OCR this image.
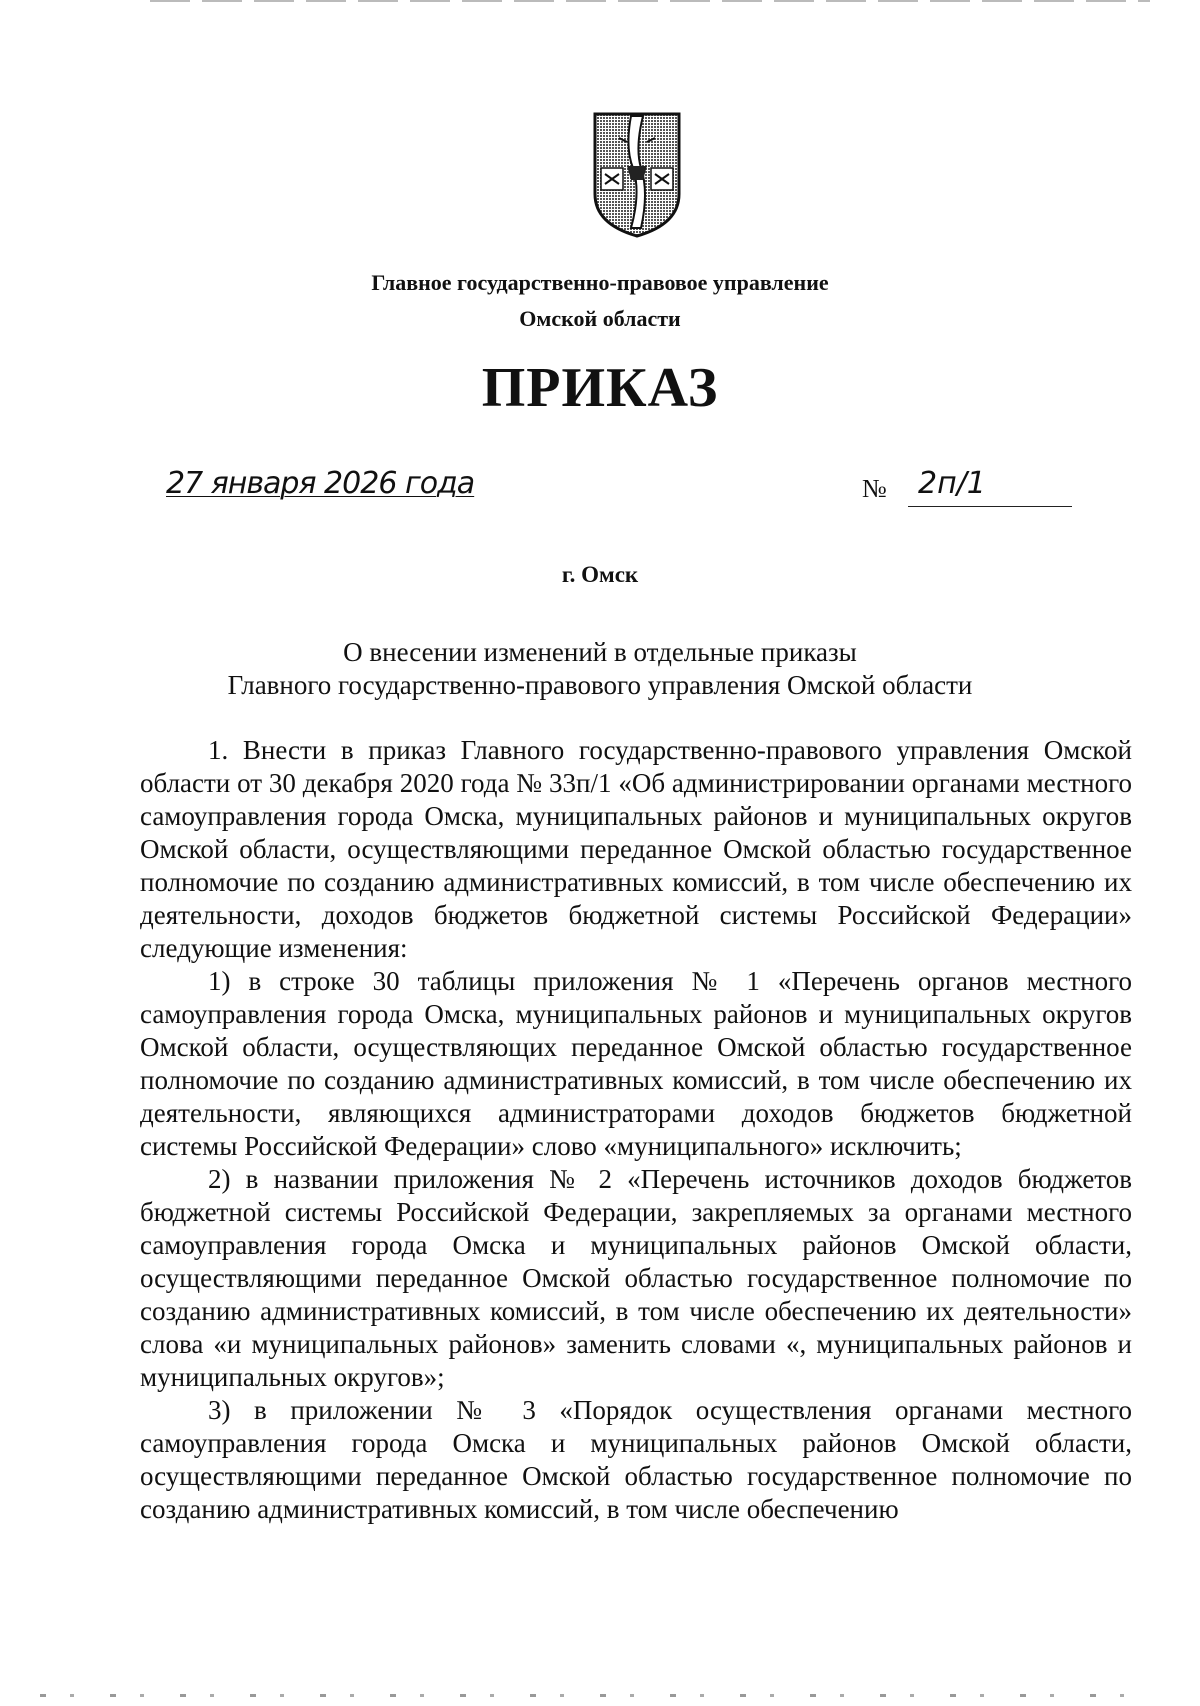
Главное государственно-правовое управление
Омской области
ПРИКАЗ
27 января 2026 года	№ 2п/1
г. Омск
О внесении изменений в отдельные приказы
Главного государственно-правового управления Омской области

1. Внести в приказ Главного государственно-правового управления Омской области от 30 декабря 2020 года № 33п/1 «Об администрировании органами местного самоуправления города Омска, муниципальных районов и муниципальных округов Омской области, осуществляющими переданное Омской областью государственное полномочие по созданию административных комиссий, в том числе обеспечению их деятельности, доходов бюджетов бюджетной системы Российской Федерации» следующие изменения:

1) в строке 30 таблицы приложения № 1 «Перечень органов местного самоуправления города Омска, муниципальных районов и муниципальных округов Омской области, осуществляющих переданное Омской областью государственное полномочие по созданию административных комиссий, в том числе обеспечению их деятельности, являющихся администраторами доходов бюджетов бюджетной системы Российской Федерации» слово «муниципального» исключить;

2) в названии приложения № 2 «Перечень источников доходов бюджетов бюджетной системы Российской Федерации, закрепляемых за органами местного самоуправления города Омска и муниципальных районов Омской области, осуществляющими переданное Омской областью государственное полномочие по созданию административных комиссий, в том числе обеспечению их деятельности» слова «и муниципальных районов» заменить словами «, муниципальных районов и муниципальных округов»;

3) в приложении № 3 «Порядок осуществления органами местного самоуправления города Омска и муниципальных районов Омской области, осуществляющими переданное Омской областью государственное полномочие по созданию административных комиссий, в том числе обеспечению
